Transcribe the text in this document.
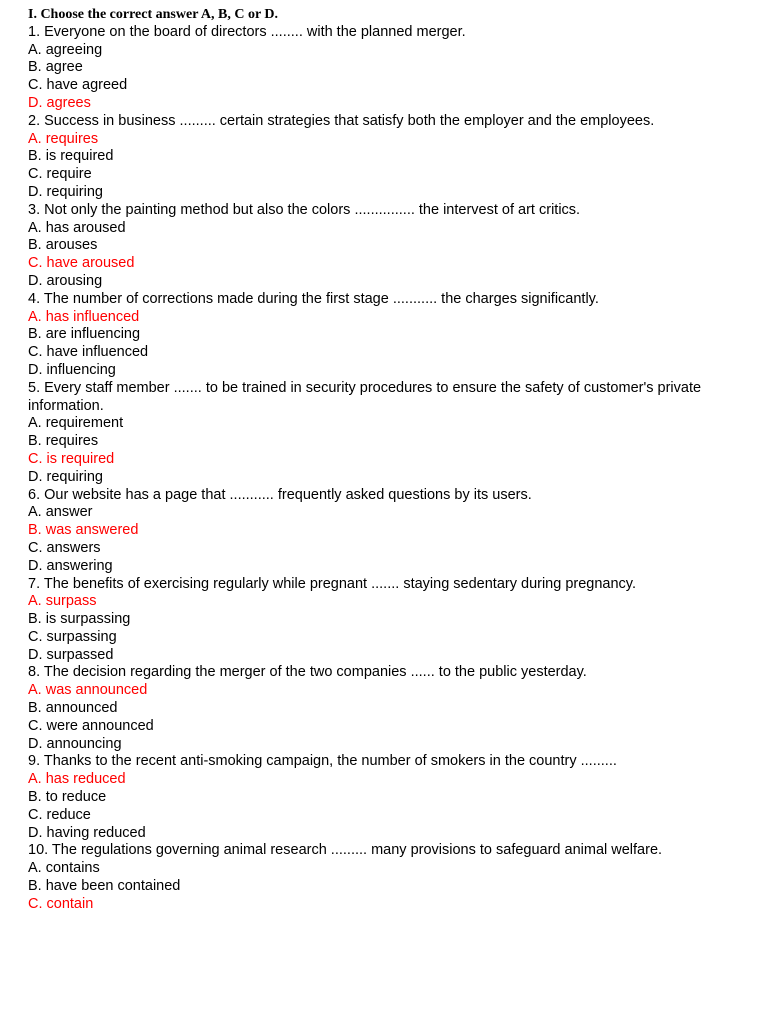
I. Choose the correct answer A, B, C or D.
1. Everyone on the board of directors ........ with the planned merger.
A. agreeing
B. agree
C. have agreed
D. agrees
2. Success in business ......... certain strategies that satisfy both the employer and the employees.
A. requires
B. is required
C. require
D. requiring
3. Not only the painting method but also the colors ............... the intervest of art critics.
A. has aroused
B. arouses
C. have aroused
D. arousing
4. The number of corrections made during the first stage ........... the charges significantly.
A. has influenced
B. are influencing
C. have influenced
D. influencing
5. Every staff member ....... to be trained in security procedures to ensure the safety of customer's private information.
A. requirement
B. requires
C. is required
D. requiring
6. Our website has a page that ........... frequently asked questions by its users.
A. answer
B. was answered
C. answers
D. answering
7. The benefits of exercising regularly while pregnant ....... staying sedentary during pregnancy.
A. surpass
B. is surpassing
C. surpassing
D. surpassed
8. The decision regarding the merger of the two companies ...... to the public yesterday.
A. was announced
B. announced
C. were announced
D. announcing
9. Thanks to the recent anti-smoking campaign, the number of smokers in the country .........
A. has reduced
B. to reduce
C. reduce
D. having reduced
10. The regulations governing animal research ......... many provisions to safeguard animal welfare.
A. contains
B. have been contained
C. contain
